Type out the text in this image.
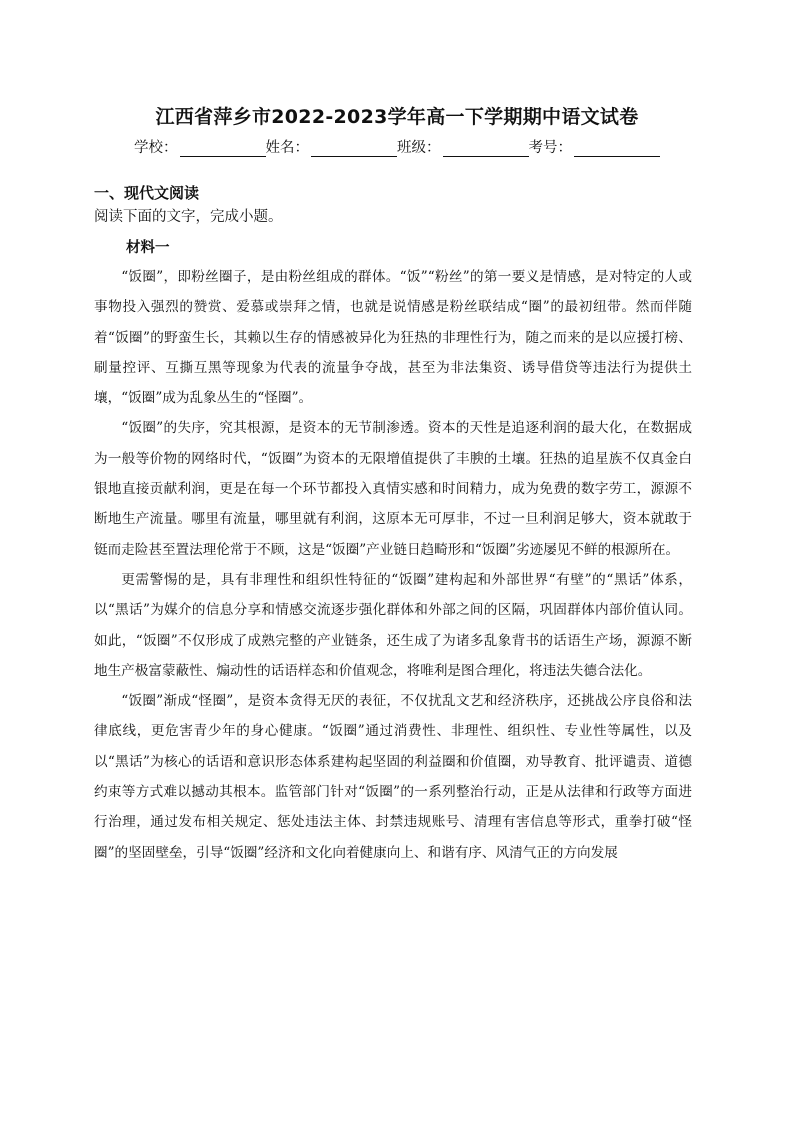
江西省萍乡市2022-2023学年高一下学期期中语文试卷
学校：	姓名：	班级：	考号：
一、现代文阅读
阅读下面的文字，完成小题。
材料一

“饭圈”，即粉丝圈子，是由粉丝组成的群体。“饭”“粉丝”的第一要义是情感，是对特定的人或事物投入强烈的赞赏、爱慕或崇拜之情，也就是说情感是粉丝联结成“圈”的最初纽带。然而伴随着“饭圈”的野蛮生长，其赖以生存的情感被异化为狂热的非理性行为，随之而来的是以应援打榜、刷量控评、互撕互黑等现象为代表的流量争夺战，甚至为非法集资、诱导借贷等违法行为提供土壤，“饭圈”成为乱象丛生的“怪圈”。

“饭圈”的失序，究其根源，是资本的无节制渗透。资本的天性是追逐利润的最大化，在数据成为一般等价物的网络时代，“饭圈”为资本的无限增值提供了丰腴的土壤。狂热的追星族不仅真金白银地直接贡献利润，更是在每一个环节都投入真情实感和时间精力，成为免费的数字劳工，源源不断地生产流量。哪里有流量，哪里就有利润，这原本无可厚非，不过一旦利润足够大，资本就敢于铤而走险甚至置法理伦常于不顾，这是“饭圈”产业链日趋畸形和“饭圈”劣迹屡见不鲜的根源所在。

更需警惕的是，具有非理性和组织性特征的“饭圈”建构起和外部世界“有壁”的“黑话”体系，以“黑话”为媒介的信息分享和情感交流逐步强化群体和外部之间的区隔，巩固群体内部价值认同。如此，“饭圈”不仅形成了成熟完整的产业链条，还生成了为诸多乱象背书的话语生产场，源源不断地生产极富蒙蔽性、煽动性的话语样态和价值观念，将唯利是图合理化，将违法失德合法化。

“饭圈”渐成“怪圈”，是资本贪得无厌的表征，不仅扰乱文艺和经济秩序，还挑战公序良俗和法律底线，更危害青少年的身心健康。“饭圈”通过消费性、非理性、组织性、专业性等属性，以及以“黑话”为核心的话语和意识形态体系建构起坚固的利益圈和价值圈，劝导教育、批评谴责、道德约束等方式难以撼动其根本。监管部门针对“饭圈”的一系列整治行动，正是从法律和行政等方面进行治理，通过发布相关规定、惩处违法主体、封禁违规账号、清理有害信息等形式，重拳打破“怪圈”的坚固壁垒，引导“饭圈”经济和文化向着健康向上、和谐有序、风清气正的方向发展
